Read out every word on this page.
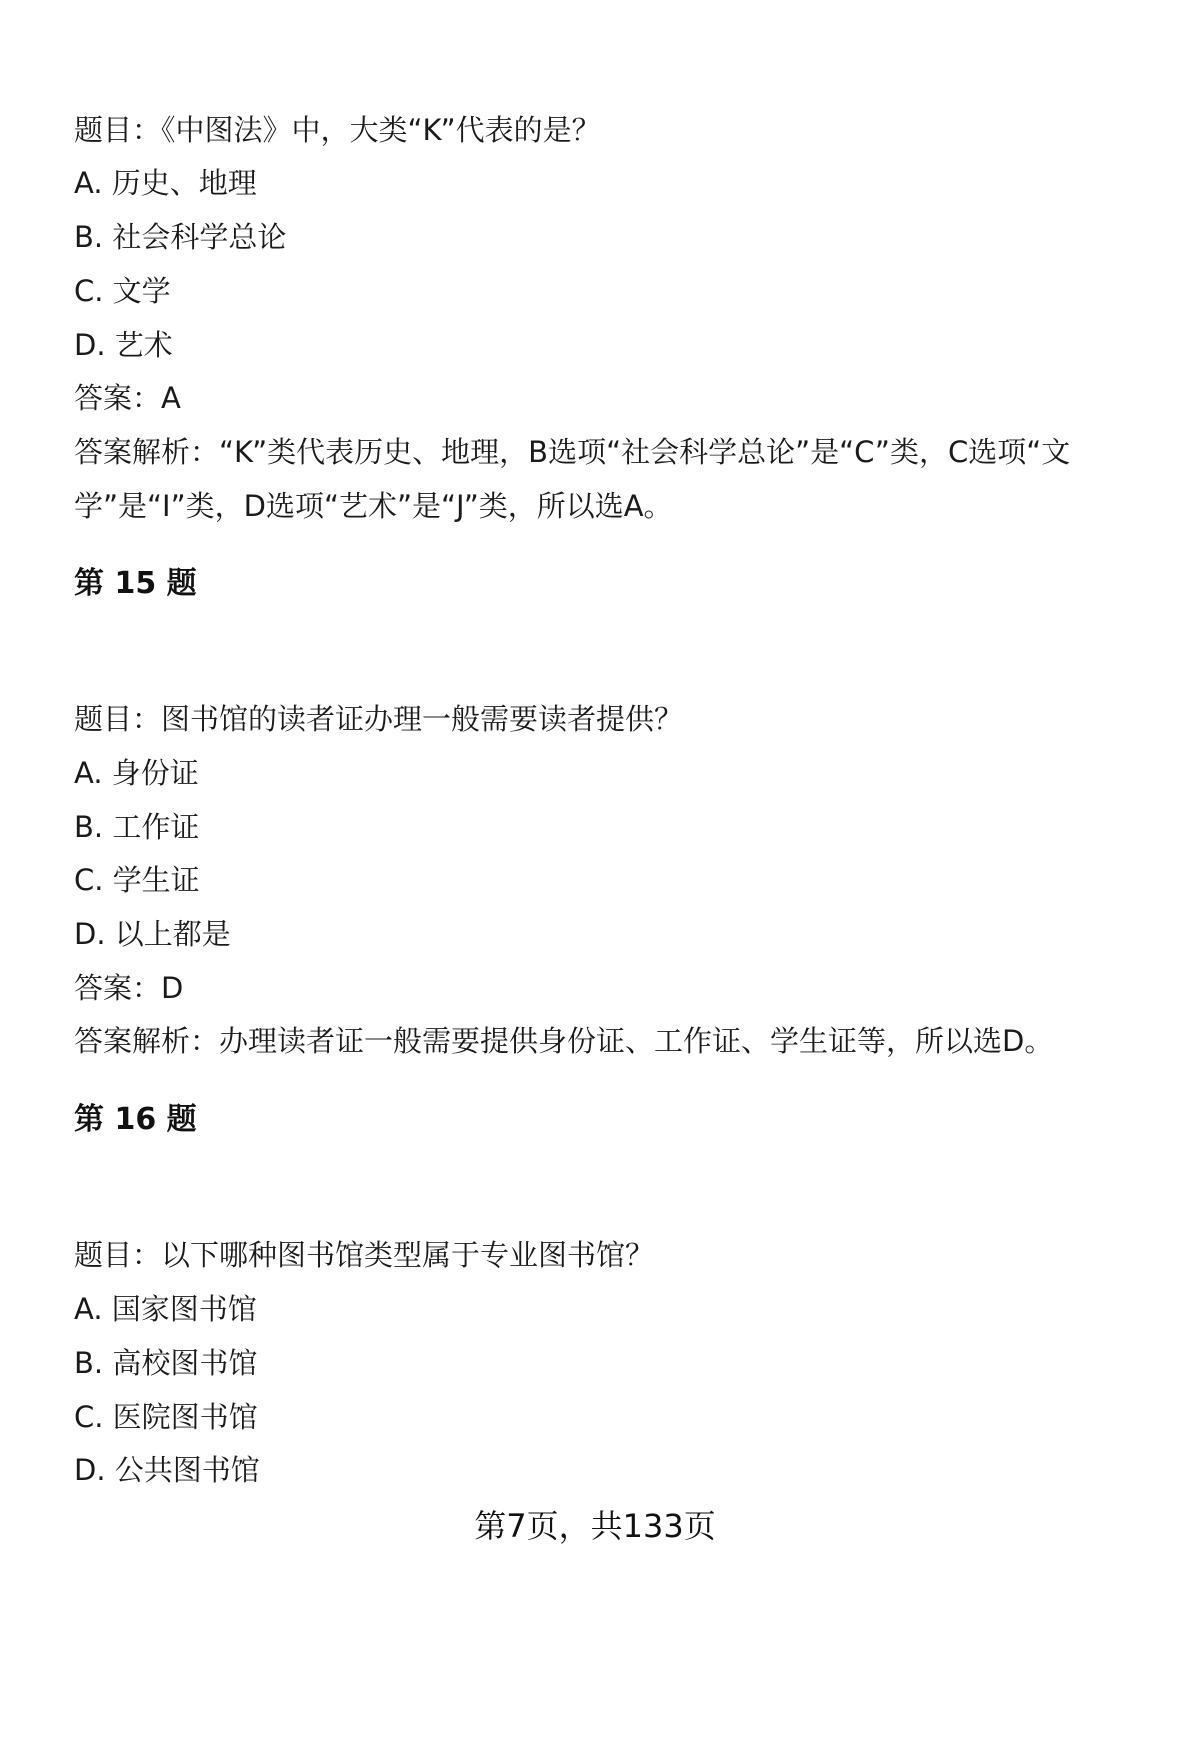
题目：《中图法》中，大类“K”代表的是？
A. 历史、地理
B. 社会科学总论
C. 文学
D. 艺术
答案：A
答案解析：“K”类代表历史、地理，B选项“社会科学总论”是“C”类，C选项“文
学”是“I”类，D选项“艺术”是“J”类，所以选A。
第 15 题
题目：图书馆的读者证办理一般需要读者提供？
A. 身份证
B. 工作证
C. 学生证
D. 以上都是
答案：D
答案解析：办理读者证一般需要提供身份证、工作证、学生证等，所以选D。
第 16 题
题目：以下哪种图书馆类型属于专业图书馆？
A. 国家图书馆
B. 高校图书馆
C. 医院图书馆
D. 公共图书馆
第7页，共133页
